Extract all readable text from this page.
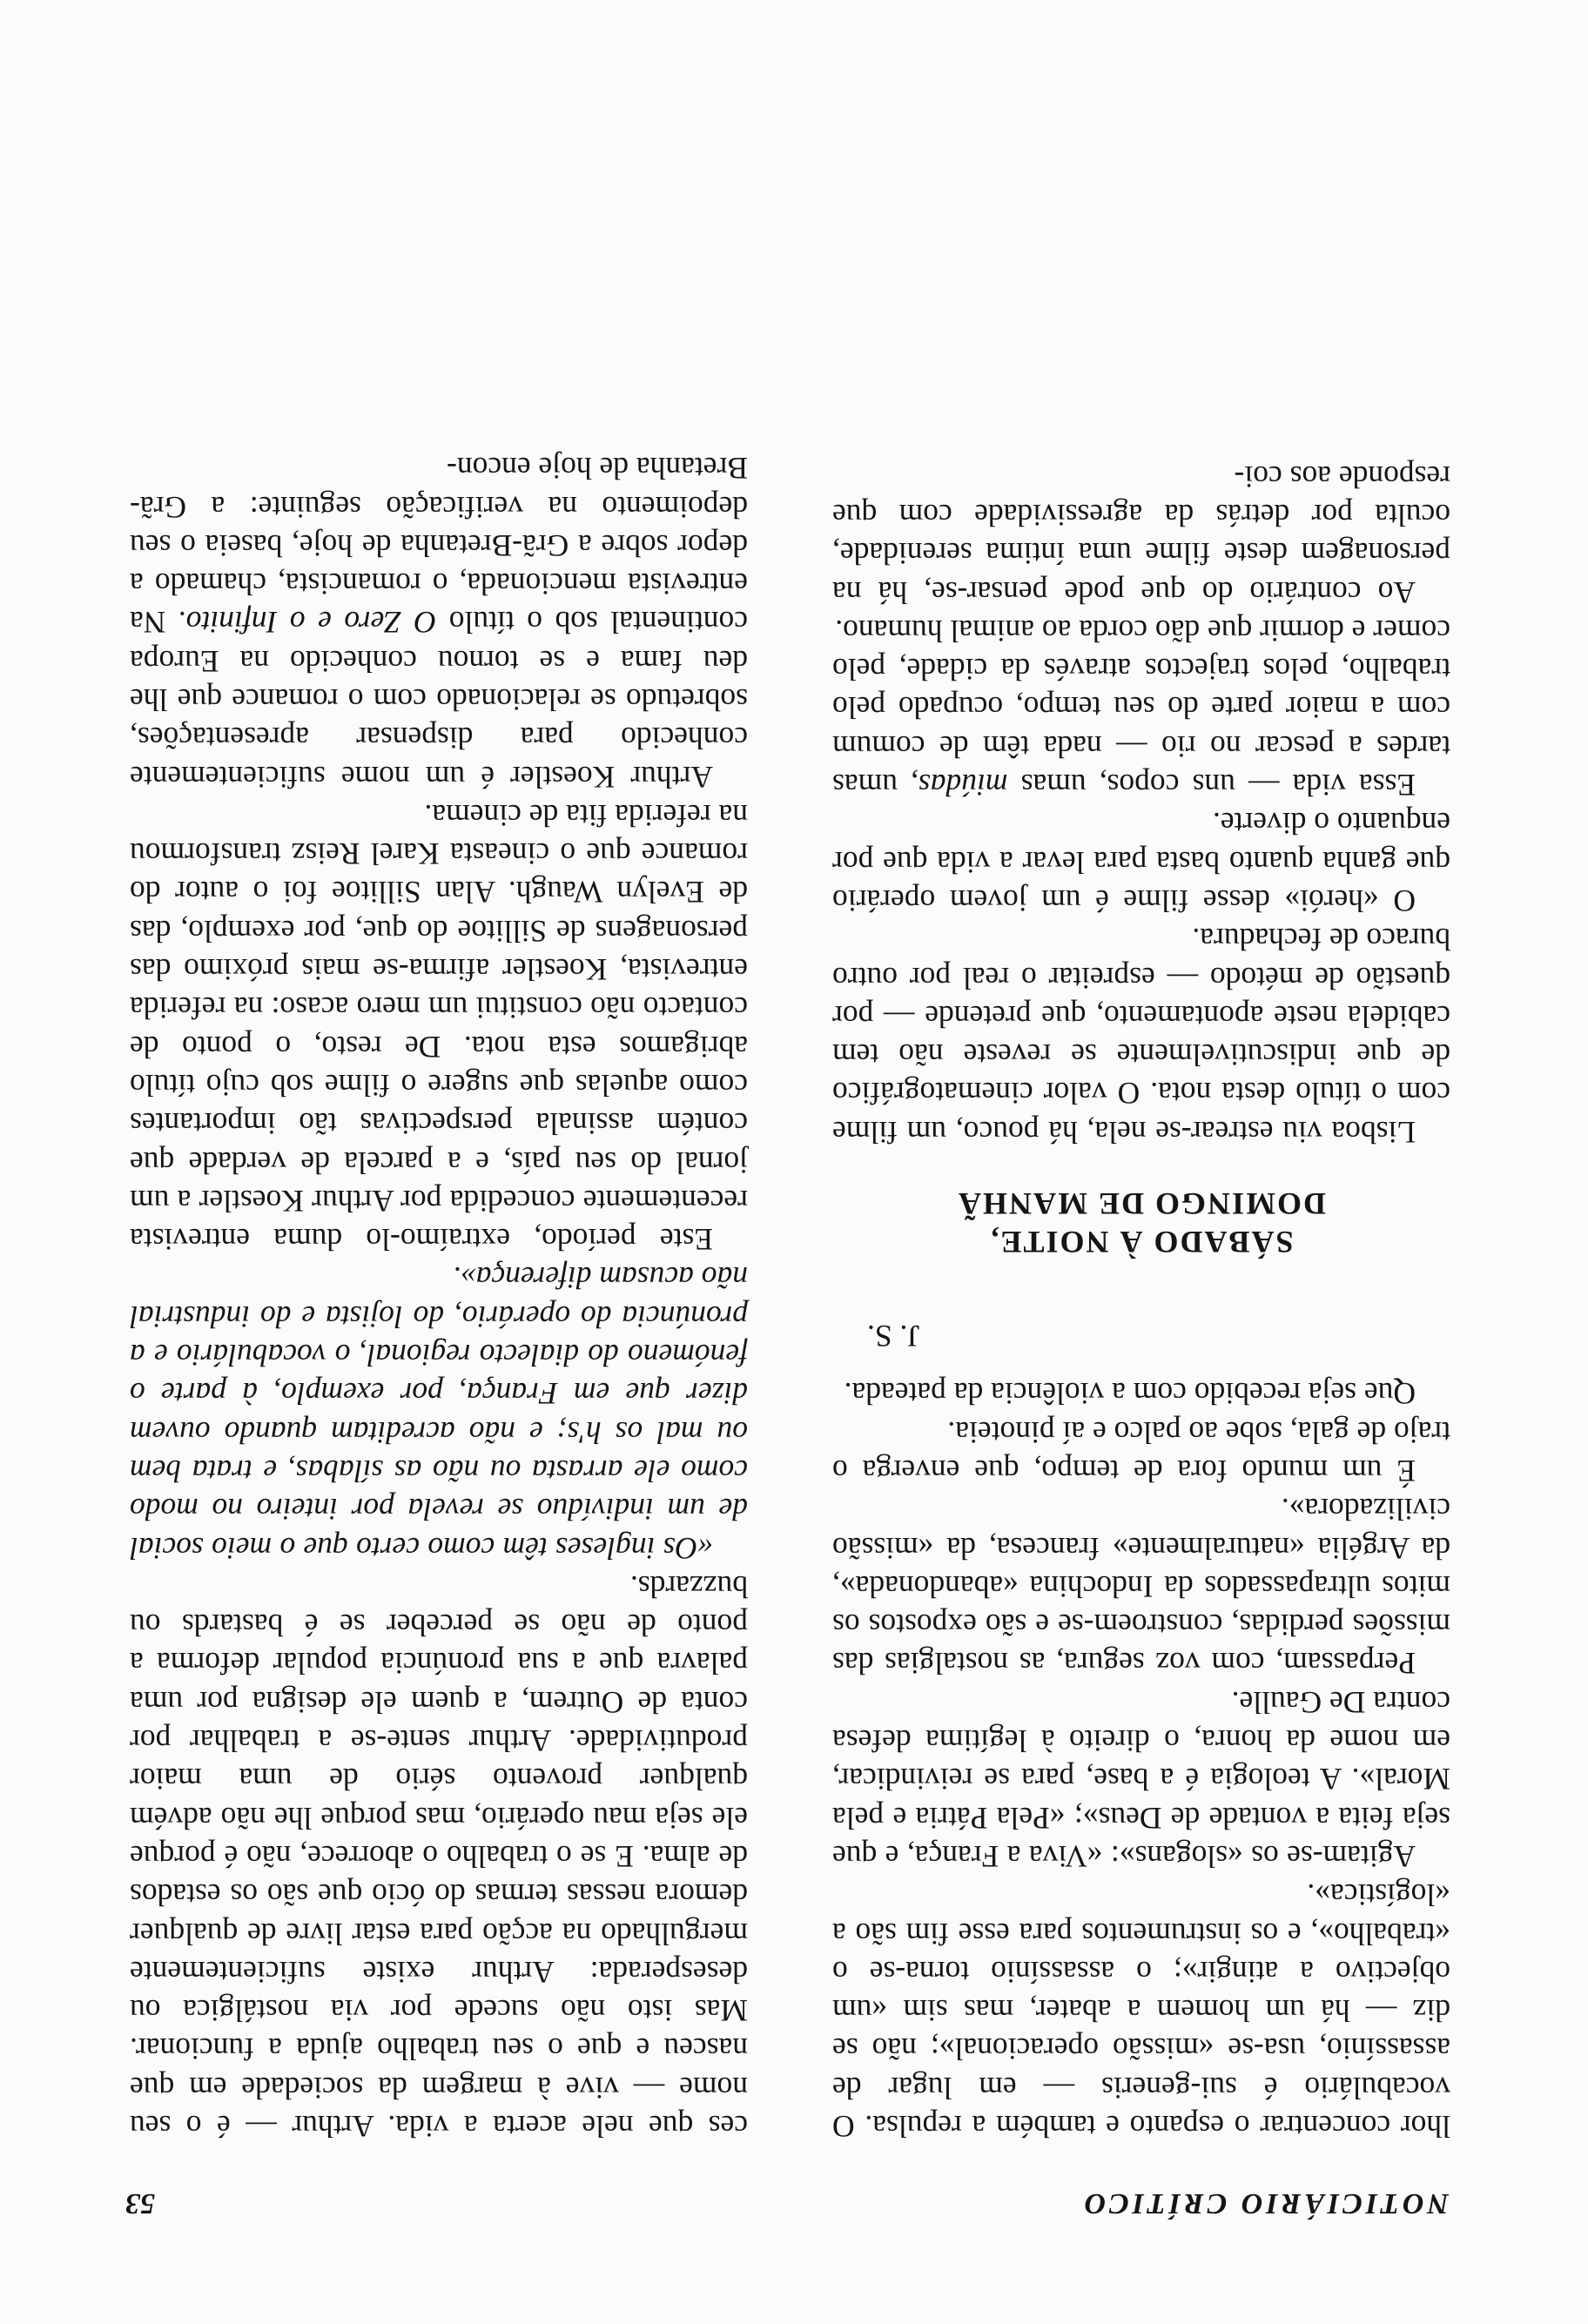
NOTICIÁRIO CRÍTICO
53

lhor concentrar o espanto e também a repulsa. O vocabulário é sui-generis — em lugar de assassínio, usa-se «missão operacional»; não se diz — há um homem a abater, mas sim «um objectivo a atingir»; o assassínio torna-se o «trabalho», e os instrumentos para esse fim são a «logística».

Agitam-se os «slogans»: «Viva a França, e que seja feita a vontade de Deus»; «Pela Pátria e pela Moral». A teologia é a base, para se reivindicar, em nome da honra, o direito à legítima defesa contra De Gaulle.

Perpassam, com voz segura, as nostalgias das missões perdidas, constroem-se e são expostos os mitos ultrapassados da Indochina «abandonada», da Argélia «naturalmente» francesa, da «missão civilizadora».

É um mundo fora de tempo, que enverga o trajo de gala, sobe ao palco e aí pinoteia.

Que seja recebido com a violência da pateada.

J. S.

SÁBADO À NOITE,
DOMINGO DE MANHÃ

Lisboa viu estrear-se nela, há pouco, um filme com o título desta nota. O valor cinematográfico de que indiscutivelmente se reveste não tem cabidela neste apontamento, que pretende — por questão de método — espreitar o real por outro buraco de fechadura.

O «herói» desse filme é um jovem operário que ganha quanto basta para levar a vida que por enquanto o diverte.

Essa vida — uns copos, umas miúdas, umas tardes a pescar no rio — nada têm de comum com a maior parte do seu tempo, ocupado pelo trabalho, pelos trajectos através da cidade, pelo comer e dormir que dão corda ao animal humano.

Ao contrário do que pode pensar-se, há na personagem deste filme uma íntima serenidade, oculta por detrás da agressividade com que responde aos coi-

ces que nele acerta a vida. Arthur — é o seu nome — vive à margem da sociedade em que nasceu e que o seu trabalho ajuda a funcionar. Mas isto não sucede por via nostálgica ou desesperada: Arthur existe suficientemente mergulhado na acção para estar livre de qualquer demora nessas termas do ócio que são os estados de alma. E se o trabalho o aborrece, não é porque ele seja mau operário, mas porque lhe não advém qualquer provento sério de uma maior produtividade. Arthur sente-se a trabalhar por conta de Outrem, a quem ele designa por uma palavra que a sua pronúncia popular deforma a ponto de não se perceber se é bastards ou buzzards.

«Os ingleses têm como certo que o meio social de um indivíduo se revela por inteiro no modo como ele arrasta ou não as sílabas, e trata bem ou mal os h's; e não acreditam quando ouvem dizer que em França, por exemplo, à parte o fenómeno do dialecto regional, o vocabulário e a pronúncia do operário, do lojista e do industrial não acusam diferença».

Este período, extraímo-lo duma entrevista recentemente concedida por Arthur Koestler a um jornal do seu país, e a parcela de verdade que contém assinala perspectivas tão importantes como aquelas que sugere o filme sob cujo título abrigamos esta nota. De resto, o ponto de contacto não constitui um mero acaso: na referida entrevista, Koestler afirma-se mais próximo das personagens de Sillitoe do que, por exemplo, das de Evelyn Waugh. Alan Sillitoe foi o autor do romance que o cineasta Karel Reisz transformou na referida fita de cinema.

Arthur Koestler é um nome suficientemente conhecido para dispensar apresentações, sobretudo se relacionado com o romance que lhe deu fama e se tornou conhecido na Europa continental sob o título O Zero e o Infinito. Na entrevista mencionada, o romancista, chamado a depor sobre a Grã-Bretanha de hoje, baseia o seu depoimento na verificação seguinte: a Grã-Bretanha de hoje encon-
